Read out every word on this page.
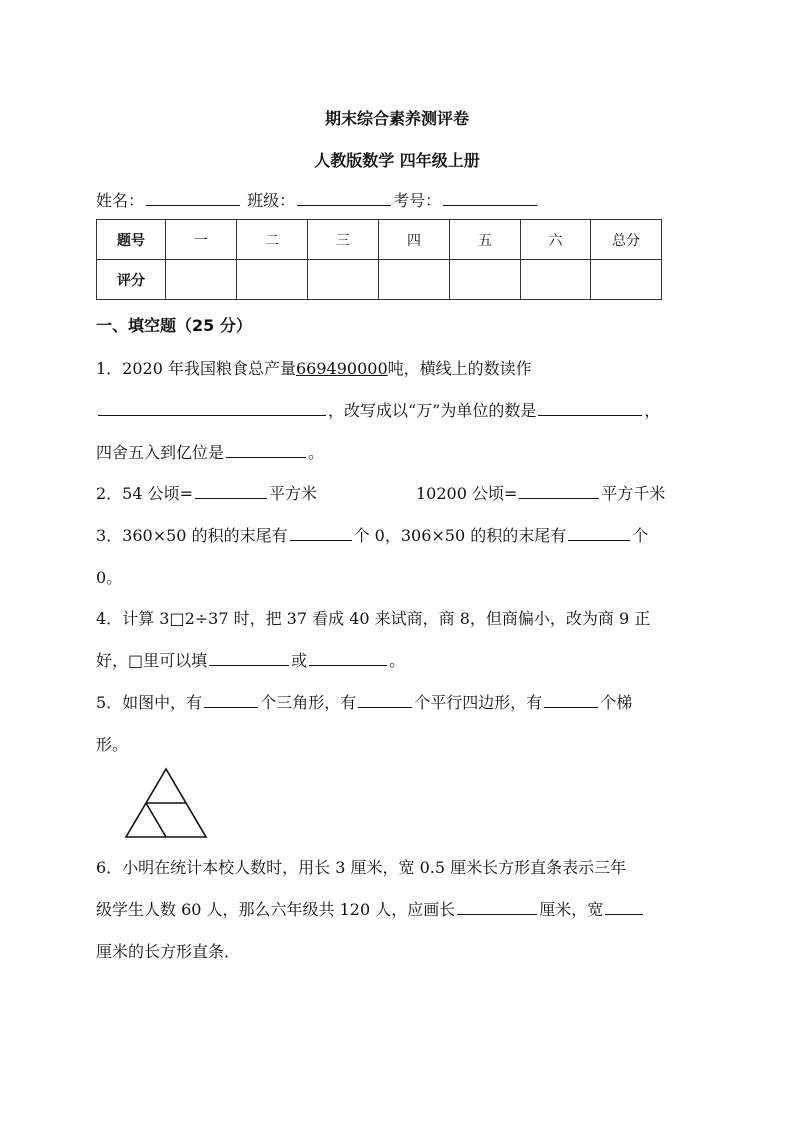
期末综合素养测评卷
人教版数学 四年级上册
姓名：	班级：	考号：
题号	一	二	三	四	五	六	总分
评分							
一、填空题（25 分）
1．2020 年我国粮食总产量669490000吨，横线上的数读作
，改写成以“万”为单位的数是	，
四舍五入到亿位是	。
2．54 公顷=	平方米	10200 公顷=	平方千米
3．360×50 的积的末尾有	个 0，306×50 的积的末尾有	个
0。
4．计算 3□2÷37 时，把 37 看成 40 来试商，商 8，但商偏小，改为商 9 正
好，□里可以填	或	。
5．如图中，有	个三角形，有	个平行四边形，有	个梯
形。
6．小明在统计本校人数时，用长 3 厘米，宽 0.5 厘米长方形直条表示三年
级学生人数 60 人，那么六年级共 120 人，应画长	厘米，宽
厘米的长方形直条．
